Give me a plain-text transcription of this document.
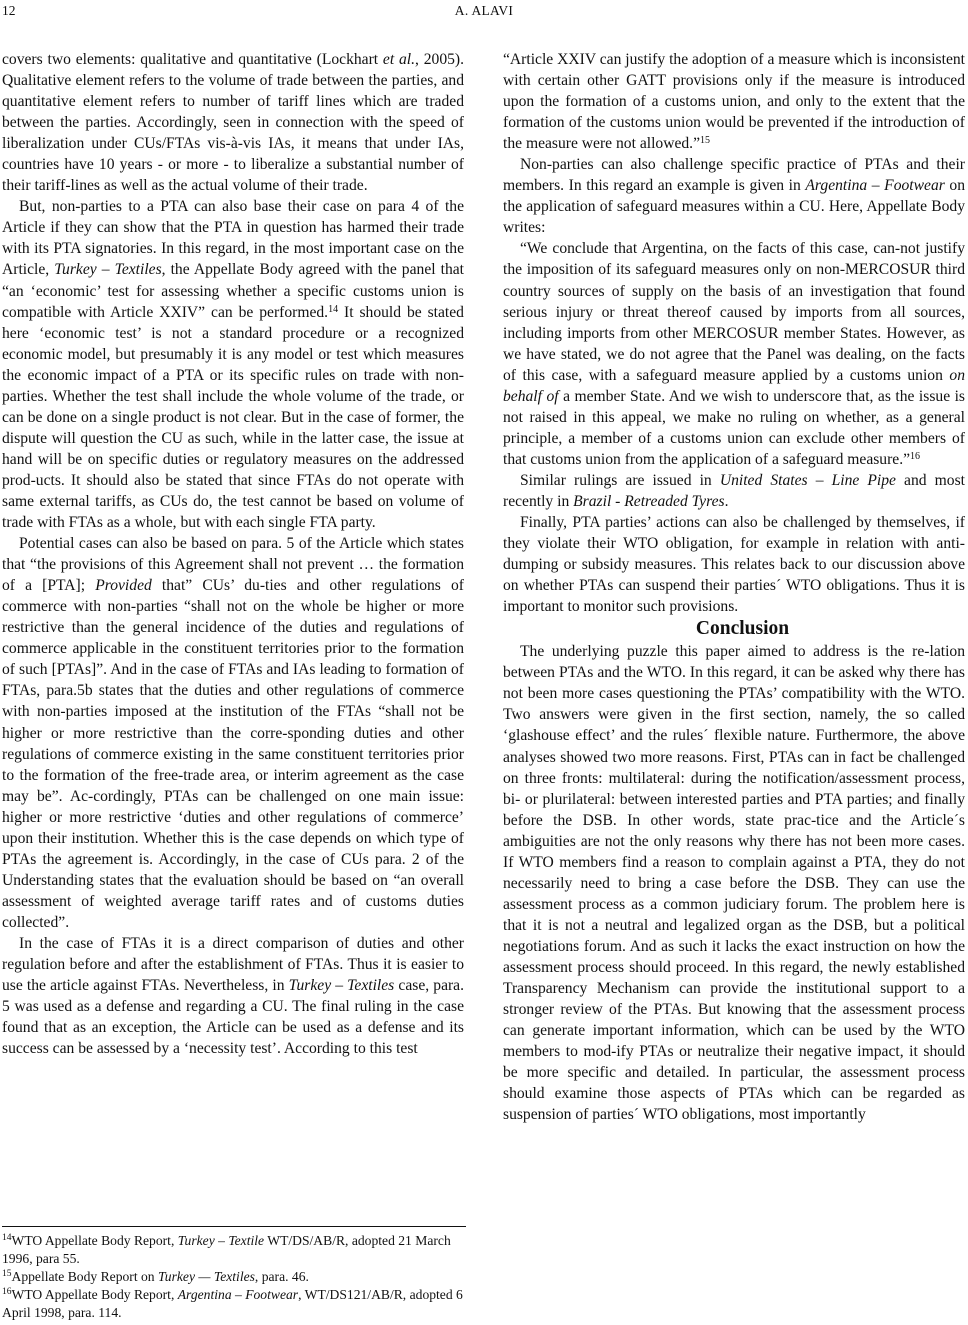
12	A. ALAVI

covers two elements: qualitative and quantitative (Lockhart et al., 2005). Qualitative element refers to the volume of trade between the parties, and quantitative element refers to number of tariff lines which are traded between the parties. Accordingly, seen in connection with the speed of liberalization under CUs/FTAs vis-à-vis IAs, it means that under IAs, countries have 10 years - or more - to liberalize a substantial number of their tariff-lines as well as the actual volume of their trade.

But, non-parties to a PTA can also base their case on para 4 of the Article if they can show that the PTA in question has harmed their trade with its PTA signatories. In this regard, in the most important case on the Article, Turkey – Textiles, the Appellate Body agreed with the panel that “an ‘economic’ test for assessing whether a specific customs union is compatible with Article XXIV” can be performed.$^{14}$ It should be stated here ‘economic test’ is not a standard procedure or a recognized economic model, but presumably it is any model or test which measures the economic impact of a PTA or its specific rules on trade with non-parties. Whether the test shall include the whole volume of the trade, or can be done on a single product is not clear. But in the case of former, the dispute will question the CU as such, while in the latter case, the issue at hand will be on specific duties or regulatory measures on the addressed prod-ucts. It should also be stated that since FTAs do not operate with same external tariffs, as CUs do, the test cannot be based on volume of trade with FTAs as a whole, but with each single FTA party.

Potential cases can also be based on para. 5 of the Article which states that “the provisions of this Agreement shall not prevent … the formation of a [PTA]; Provided that” CUs’ du-ties and other regulations of commerce with non-parties “shall not on the whole be higher or more restrictive than the general incidence of the duties and regulations of commerce applicable in the constituent territories prior to the formation of such [PTAs]”. And in the case of FTAs and IAs leading to formation of FTAs, para.5b states that the duties and other regulations of commerce with non-parties imposed at the institution of the FTAs “shall not be higher or more restrictive than the corre-sponding duties and other regulations of commerce existing in the same constituent territories prior to the formation of the free-trade area, or interim agreement as the case may be”. Ac-cordingly, PTAs can be challenged on one main issue: higher or more restrictive ‘duties and other regulations of commerce’ upon their institution. Whether this is the case depends on which type of PTAs the agreement is. Accordingly, in the case of CUs para. 2 of the Understanding states that the evaluation should be based on “an overall assessment of weighted average tariff rates and of customs duties collected”.

In the case of FTAs it is a direct comparison of duties and other regulation before and after the establishment of FTAs. Thus it is easier to use the article against FTAs. Nevertheless, in Turkey – Textiles case, para. 5 was used as a defense and regarding a CU. The final ruling in the case found that as an exception, the Article can be used as a defense and its success can be assessed by a ‘necessity test’. According to this test

“Article XXIV can justify the adoption of a measure which is inconsistent with certain other GATT provisions only if the measure is introduced upon the formation of a customs union, and only to the extent that the formation of the customs union would be prevented if the introduction of the measure were not allowed.”$^{15}$

Non-parties can also challenge specific practice of PTAs and their members. In this regard an example is given in Argentina – Footwear on the application of safeguard measures within a CU. Here, Appellate Body writes:

“We conclude that Argentina, on the facts of this case, can-not justify the imposition of its safeguard measures only on non-MERCOSUR third country sources of supply on the basis of an investigation that found serious injury or threat thereof caused by imports from all sources, including imports from other MERCOSUR member States. However, as we have stated, we do not agree that the Panel was dealing, on the facts of this case, with a safeguard measure applied by a customs union on behalf of a member State. And we wish to underscore that, as the issue is not raised in this appeal, we make no ruling on whether, as a general principle, a member of a customs union can exclude other members of that customs union from the application of a safeguard measure.”$^{16}$

Similar rulings are issued in United States – Line Pipe and most recently in Brazil - Retreaded Tyres.

Finally, PTA parties’ actions can also be challenged by themselves, if they violate their WTO obligation, for example in relation with anti-dumping or subsidy measures. This relates back to our discussion above on whether PTAs can suspend their parties´ WTO obligations. Thus it is important to monitor such provisions.

Conclusion

The underlying puzzle this paper aimed to address is the re-lation between PTAs and the WTO. In this regard, it can be asked why there has not been more cases questioning the PTAs’ compatibility with the WTO. Two answers were given in the first section, namely, the so called ‘glashouse effect’ and the rules´ flexible nature. Furthermore, the above analyses showed two more reasons. First, PTAs can in fact be challenged on three fronts: multilateral: during the notification/assessment process, bi- or plurilateral: between interested parties and PTA parties; and finally before the DSB. In other words, state prac-tice and the Article´s ambiguities are not the only reasons why there has not been more cases. If WTO members find a reason to complain against a PTA, they do not necessarily need to bring a case before the DSB. They can use the assessment process as a common judiciary forum. The problem here is that it is not a neutral and legalized organ as the DSB, but a political negotiations forum. And as such it lacks the exact instruction on how the assessment process should proceed. In this regard, the newly established Transparency Mechanism can provide the institutional support to a stronger review of the PTAs. But knowing that the assessment process can generate important information, which can be used by the WTO members to mod-ify PTAs or neutralize their negative impact, it should be more specific and detailed. In particular, the assessment process should examine those aspects of PTAs which can be regarded as suspension of parties´ WTO obligations, most importantly

$^{14}$WTO Appellate Body Report, Turkey – Textile WT/DS/AB/R, adopted 21 March 1996, para 55.

$^{15}$Appellate Body Report on Turkey — Textiles, para. 46.

$^{16}$WTO Appellate Body Report, Argentina – Footwear, WT/DS121/AB/R, adopted 6 April 1998, para. 114.
